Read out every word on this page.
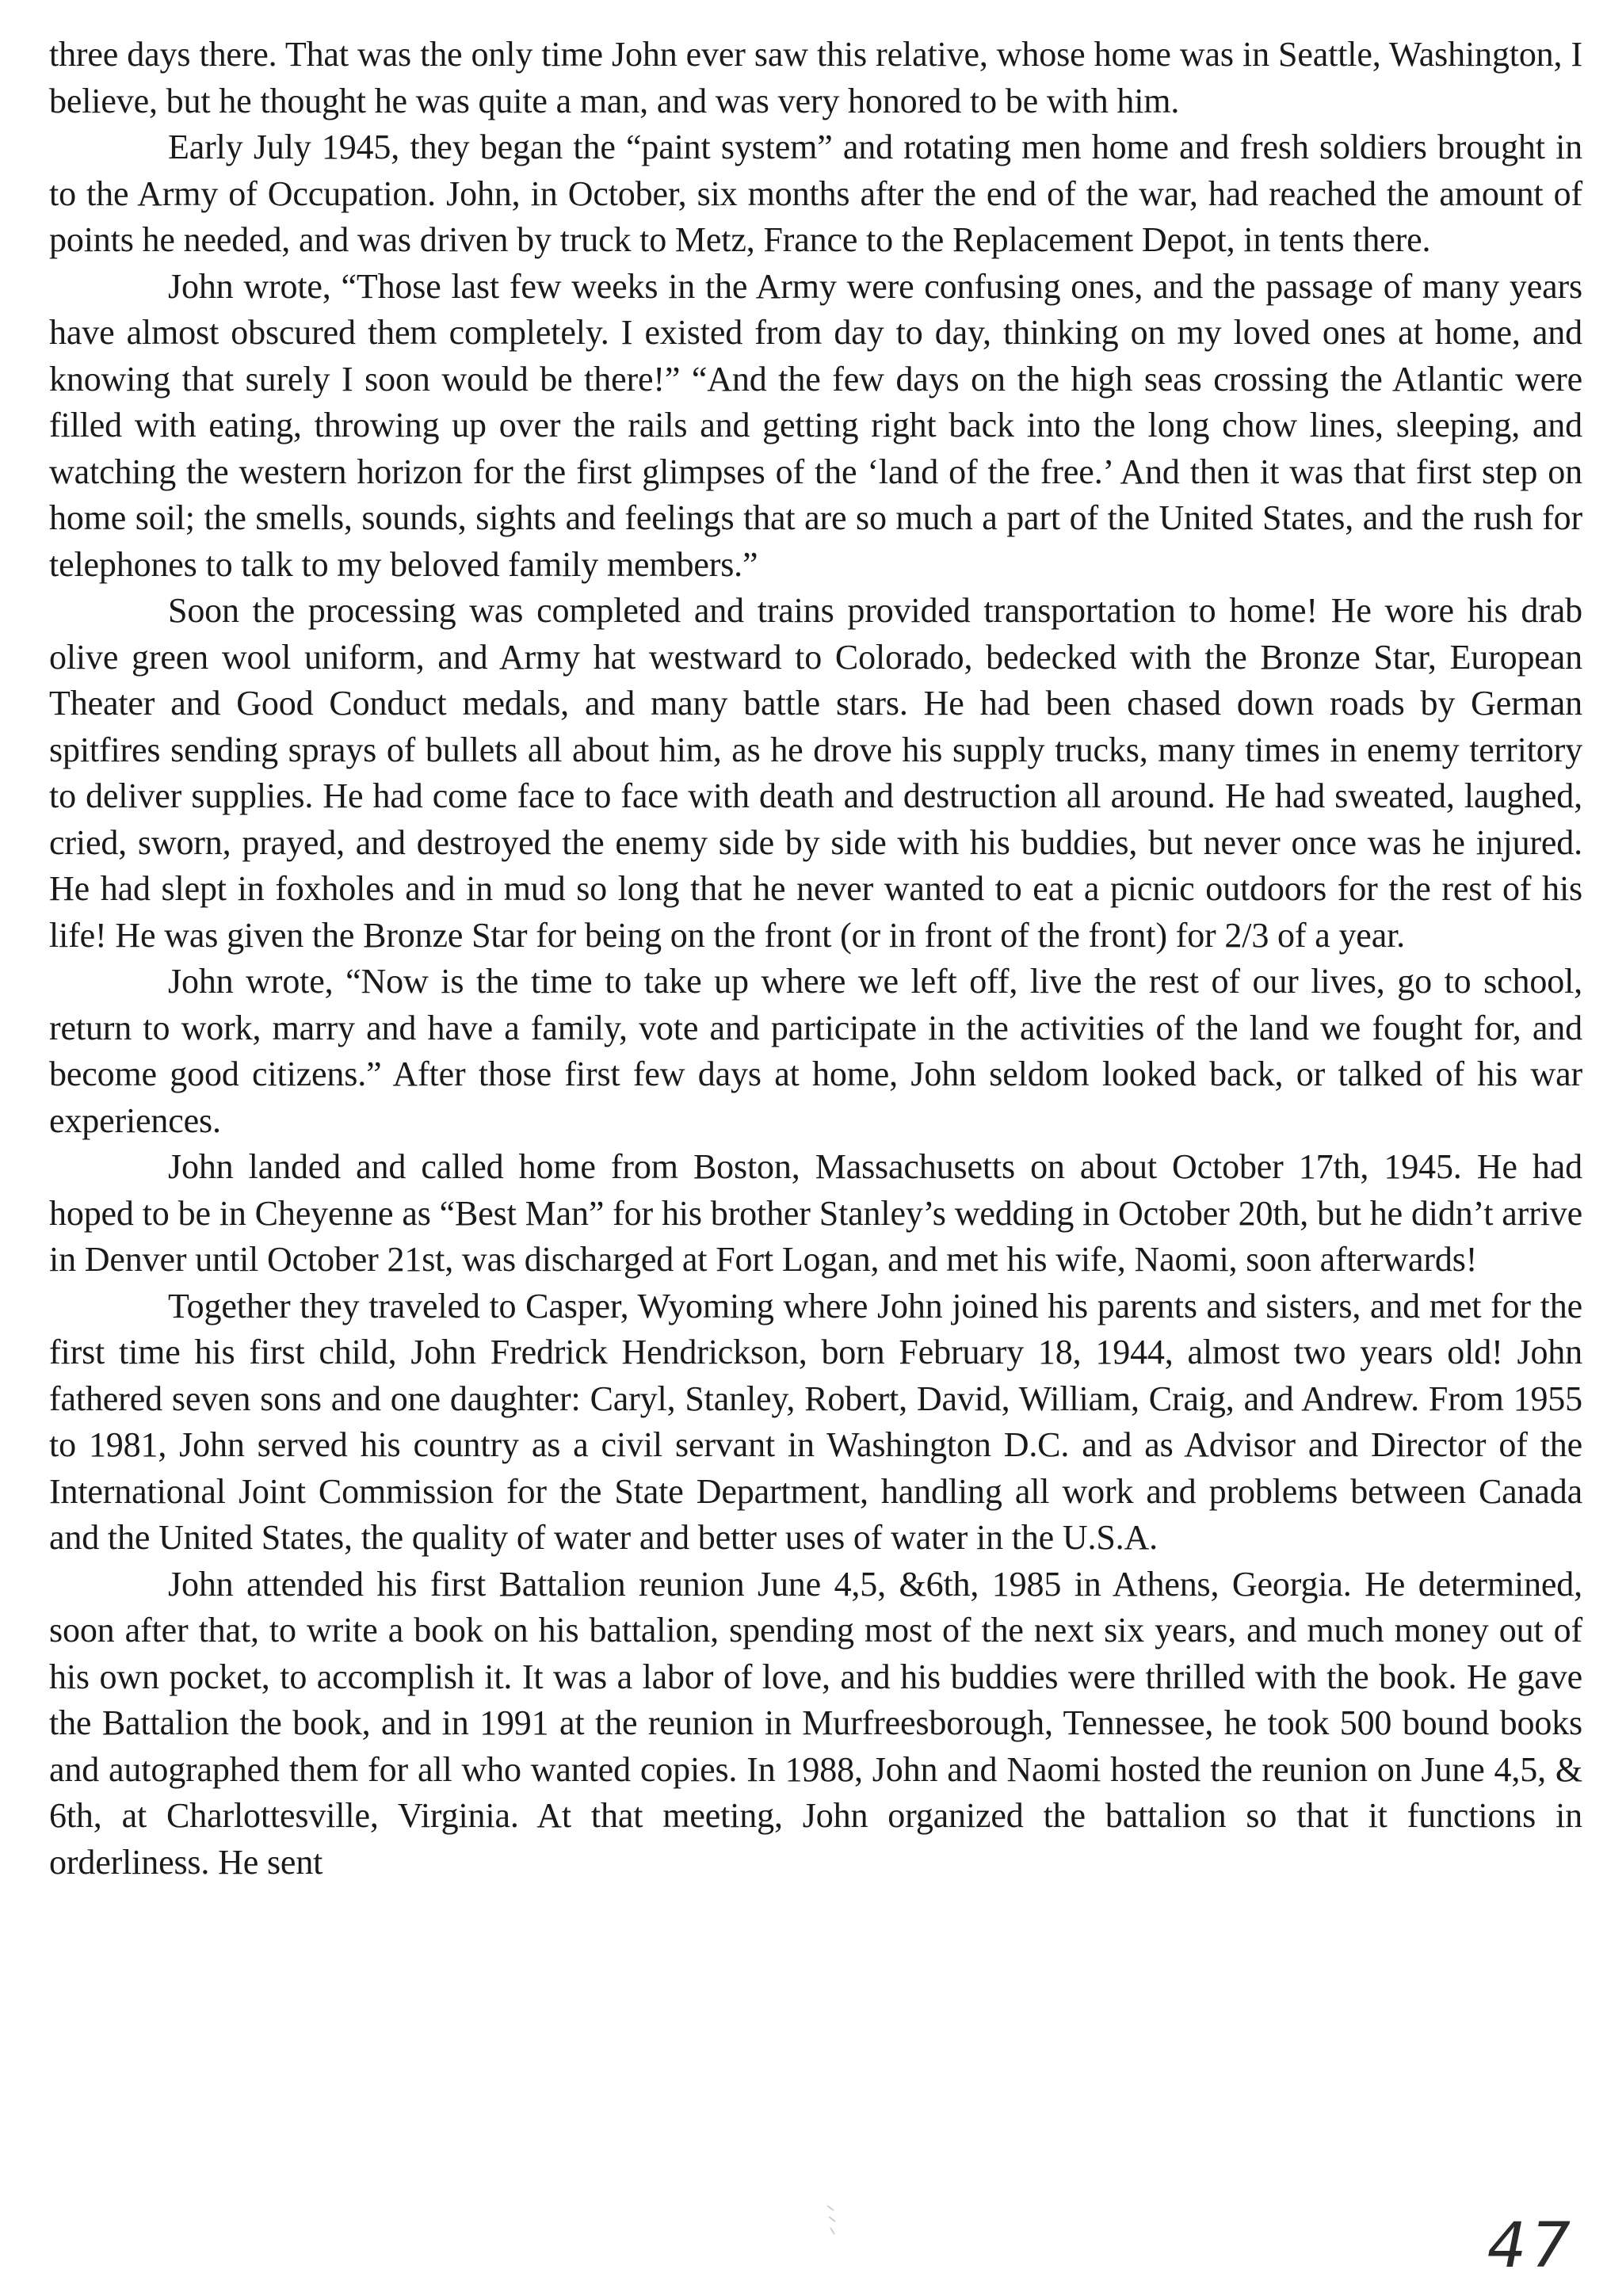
three days there. That was the only time John ever saw this relative, whose home was in Seattle, Washington, I believe, but he thought he was quite a man, and was very honored to be with him.

Early July 1945, they began the “paint system” and rotating men home and fresh soldiers brought in to the Army of Occupation. John, in October, six months after the end of the war, had reached the amount of points he needed, and was driven by truck to Metz, France to the Replacement Depot, in tents there.

John wrote, “Those last few weeks in the Army were confusing ones, and the passage of many years have almost obscured them completely. I existed from day to day, thinking on my loved ones at home, and knowing that surely I soon would be there!” “And the few days on the high seas crossing the Atlantic were filled with eating, throwing up over the rails and getting right back into the long chow lines, sleeping, and watching the western horizon for the first glimpses of the ‘land of the free.’ And then it was that first step on home soil; the smells, sounds, sights and feelings that are so much a part of the United States, and the rush for telephones to talk to my beloved family members.”

Soon the processing was completed and trains provided transportation to home! He wore his drab olive green wool uniform, and Army hat westward to Colorado, bedecked with the Bronze Star, European Theater and Good Conduct medals, and many battle stars. He had been chased down roads by German spitfires sending sprays of bullets all about him, as he drove his supply trucks, many times in enemy territory to deliver supplies. He had come face to face with death and destruction all around. He had sweated, laughed, cried, sworn, prayed, and destroyed the enemy side by side with his buddies, but never once was he injured. He had slept in foxholes and in mud so long that he never wanted to eat a picnic outdoors for the rest of his life! He was given the Bronze Star for being on the front (or in front of the front) for 2/3 of a year.

John wrote, “Now is the time to take up where we left off, live the rest of our lives, go to school, return to work, marry and have a family, vote and participate in the activities of the land we fought for, and become good citizens.” After those first few days at home, John seldom looked back, or talked of his war experiences.

John landed and called home from Boston, Massachusetts on about October 17th, 1945. He had hoped to be in Cheyenne as “Best Man” for his brother Stanley’s wedding in October 20th, but he didn’t arrive in Denver until October 21st, was discharged at Fort Logan, and met his wife, Naomi, soon afterwards!

Together they traveled to Casper, Wyoming where John joined his parents and sisters, and met for the first time his first child, John Fredrick Hendrickson, born February 18, 1944, almost two years old! John fathered seven sons and one daughter: Caryl, Stanley, Robert, David, William, Craig, and Andrew. From 1955 to 1981, John served his country as a civil servant in Washington D.C. and as Advisor and Director of the International Joint Commission for the State Department, handling all work and problems between Canada and the United States, the quality of water and better uses of water in the U.S.A.

John attended his first Battalion reunion June 4,5, &6th, 1985 in Athens, Georgia. He determined, soon after that, to write a book on his battalion, spending most of the next six years, and much money out of his own pocket, to accomplish it. It was a labor of love, and his buddies were thrilled with the book. He gave the Battalion the book, and in 1991 at the reunion in Murfreesborough, Tennessee, he took 500 bound books and autographed them for all who wanted copies. In 1988, John and Naomi hosted the reunion on June 4,5, & 6th, at Charlottesville, Virginia. At that meeting, John organized the battalion so that it functions in orderliness. He sent

47
